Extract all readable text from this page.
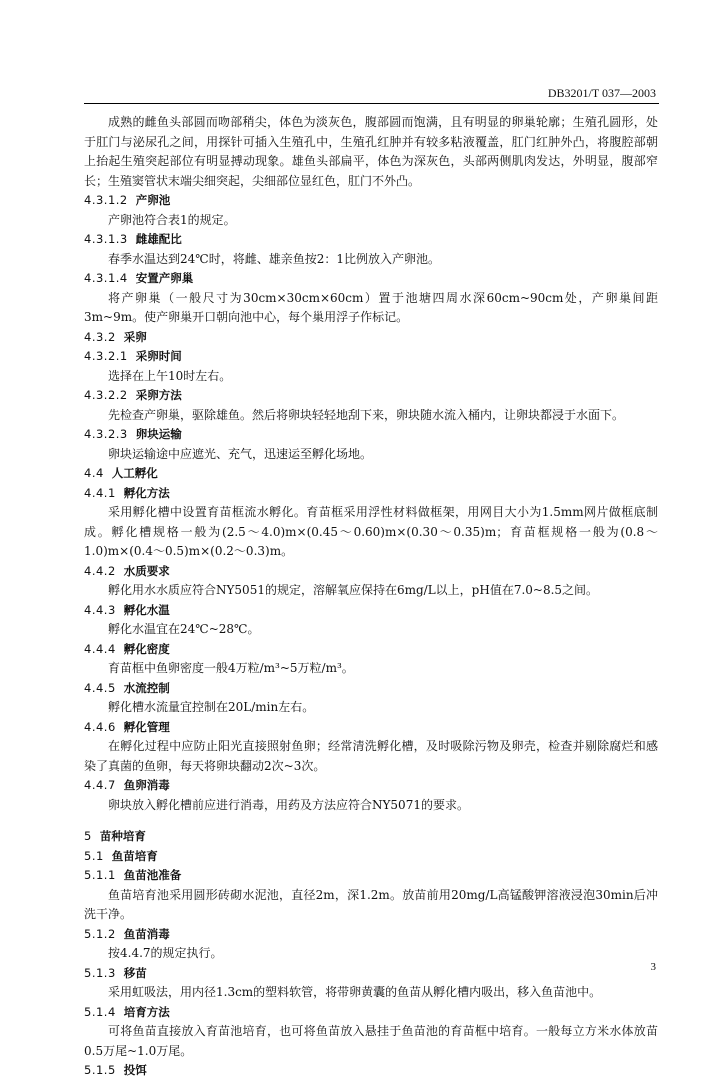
DB3201/T 037—2003

成熟的雌鱼头部圆而吻部稍尖，体色为淡灰色，腹部圆而饱满，且有明显的卵巢轮廓；生殖孔圆形，处于肛门与泌尿孔之间，用探针可插入生殖孔中，生殖孔红肿并有较多粘液覆盖，肛门红肿外凸，将腹腔部朝上抬起生殖突起部位有明显搏动现象。雄鱼头部扁平，体色为深灰色，头部两侧肌肉发达，外明显，腹部窄长；生殖窦管状末端尖细突起，尖细部位显红色，肛门不外凸。

4.3.1.2 产卵池

产卵池符合表1的规定。

4.3.1.3 雌雄配比

春季水温达到24℃时，将雌、雄亲鱼按2：1比例放入产卵池。

4.3.1.4 安置产卵巢

将产卵巢（一般尺寸为30cm×30cm×60cm）置于池塘四周水深60cm~90cm处，产卵巢间距3m~9m。使产卵巢开口朝向池中心，每个巢用浮子作标记。

4.3.2 采卵

4.3.2.1 采卵时间

选择在上午10时左右。

4.3.2.2 采卵方法

先检查产卵巢，驱除雄鱼。然后将卵块轻轻地刮下来，卵块随水流入桶内，让卵块都浸于水面下。

4.3.2.3 卵块运输

卵块运输途中应遮光、充气，迅速运至孵化场地。

4.4 人工孵化

4.4.1 孵化方法

采用孵化槽中设置育苗框流水孵化。育苗框采用浮性材料做框架，用网目大小为1.5mm网片做框底制成。孵化槽规格一般为(2.5～4.0)m×(0.45～0.60)m×(0.30～0.35)m；育苗框规格一般为(0.8～1.0)m×(0.4～0.5)m×(0.2～0.3)m。

4.4.2 水质要求

孵化用水水质应符合NY5051的规定，溶解氧应保持在6mg/L以上，pH值在7.0~8.5之间。

4.4.3 孵化水温

孵化水温宜在24℃~28℃。

4.4.4 孵化密度

育苗框中鱼卵密度一般4万粒/m³~5万粒/m³。

4.4.5 水流控制

孵化槽水流量宜控制在20L/min左右。

4.4.6 孵化管理

在孵化过程中应防止阳光直接照射鱼卵；经常清洗孵化槽，及时吸除污物及卵壳，检查并剔除腐烂和感染了真菌的鱼卵，每天将卵块翻动2次~3次。

4.4.7 鱼卵消毒

卵块放入孵化槽前应进行消毒，用药及方法应符合NY5071的要求。

5 苗种培育

5.1 鱼苗培育

5.1.1 鱼苗池准备

鱼苗培育池采用圆形砖砌水泥池，直径2m，深1.2m。放苗前用20mg/L高锰酸钾溶液浸泡30min后冲洗干净。

5.1.2 鱼苗消毒

按4.4.7的规定执行。

5.1.3 移苗

采用虹吸法，用内径1.3cm的塑料软管，将带卵黄囊的鱼苗从孵化槽内吸出，移入鱼苗池中。

5.1.4 培育方法

可将鱼苗直接放入育苗池培育，也可将鱼苗放入悬挂于鱼苗池的育苗框中培育。一般每立方米水体放苗0.5万尾~1.0万尾。

5.1.5 投饵

3
